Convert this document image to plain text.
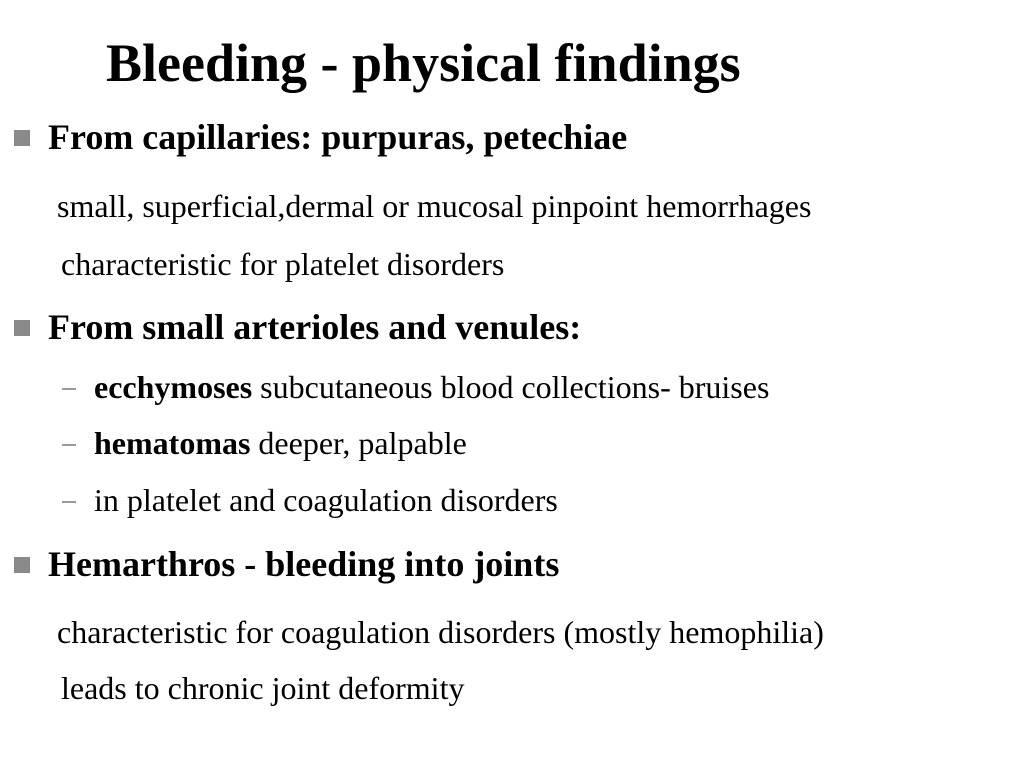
Bleeding - physical findings
From capillaries: purpuras, petechiae
small, superficial,dermal or mucosal pinpoint hemorrhages
characteristic for platelet disorders
From small arterioles and venules:
ecchymoses subcutaneous blood collections- bruises
hematomas deeper, palpable
in platelet and coagulation disorders
Hemarthros - bleeding into joints
characteristic for coagulation disorders (mostly hemophilia)
leads to chronic joint deformity
